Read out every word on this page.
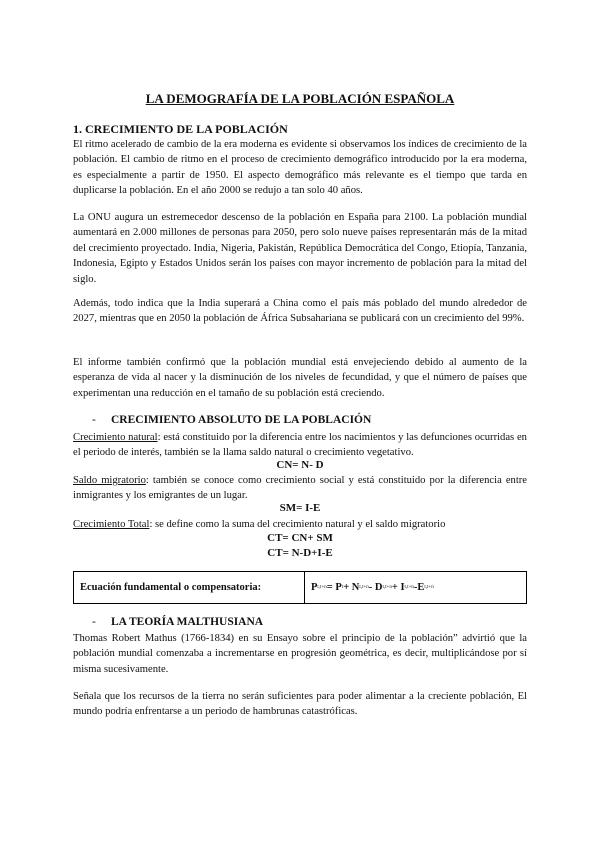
LA DEMOGRAFÍA DE LA POBLACIÓN ESPAÑOLA
1. CRECIMIENTO DE LA POBLACIÓN
El ritmo acelerado de cambio de la era moderna es evidente si observamos los índices de crecimiento de la población. El cambio de ritmo en el proceso de crecimiento demográfico introducido por la era moderna, es especialmente a partir de 1950. El aspecto demográfico más relevante es el tiempo que tarda en duplicarse la población. En el año 2000 se redujo a tan solo 40 años.
La ONU augura un estremecedor descenso de la población en España para 2100. La población mundial aumentará en 2.000 millones de personas para 2050, pero solo nueve países representarán más de la mitad del crecimiento proyectado. India, Nigeria, Pakistán, República Democrática del Congo, Etiopía, Tanzania, Indonesia, Egipto y Estados Unidos serán los países con mayor incremento de población para la mitad del siglo.
Además, todo indica que la India superará a China como el país más poblado del mundo alrededor de 2027, mientras que en 2050 la población de África Subsahariana se publicará con un crecimiento del 99%.
El informe también confirmó que la población mundial está envejeciendo debido al aumento de la esperanza de vida al nacer y la disminución de los niveles de fecundidad, y que el número de países que experimentan una reducción en el tamaño de su población está creciendo.
- CRECIMIENTO ABSOLUTO DE LA POBLACIÓN
Crecimiento natural: está constituido por la diferencia entre los nacimientos y las defunciones ocurridas en el periodo de interés, también se la llama saldo natural o crecimiento vegetativo.
CN= N- D
Saldo migratorio: también se conoce como crecimiento social y está constituido por la diferencia entre inmigrantes y los emigrantes de un lugar.
SM= I-E
Crecimiento Total: se define como la suma del crecimiento natural y el saldo migratorio
CT= CN+ SM
CT= N-D+I-E
Ecuación fundamental o compensatoria:	P t,t+n = P t + N t,t+n - D t,t+n + I t,t+n -E t,t+n
- LA TEORÍA MALTHUSIANA
Thomas Robert Mathus (1766-1834) en su Ensayo sobre el principio de la población” advirtió que la población mundial comenzaba a incrementarse en progresión geométrica, es decir, multiplicándose por sí misma sucesivamente.
Señala que los recursos de la tierra no serán suficientes para poder alimentar a la creciente población, El mundo podría enfrentarse a un periodo de hambrunas catastróficas.
